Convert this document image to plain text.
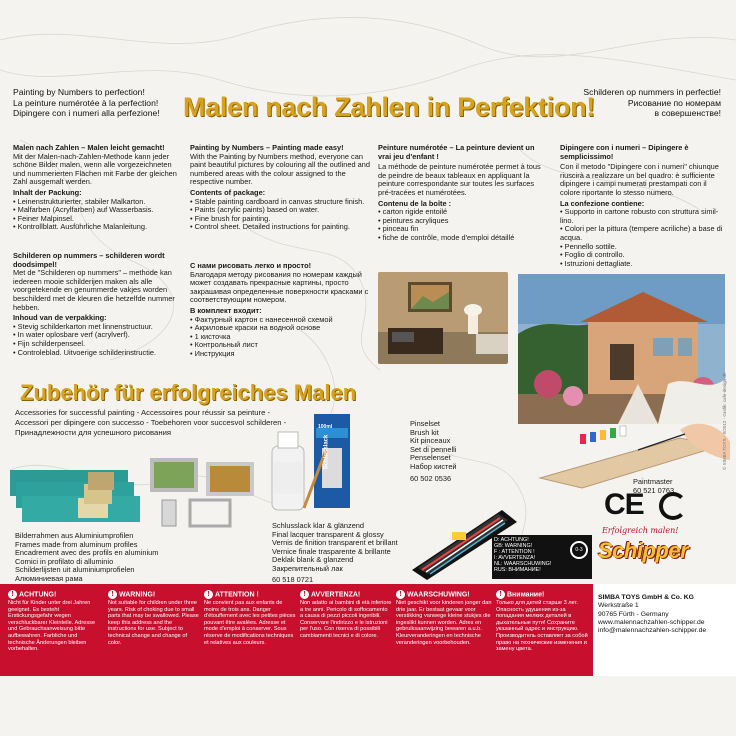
Painting by Numbers to perfection!
La peinture numérotée à la perfection!
Dipingere con i numeri alla perfezione! Malen nach Zahlen in Perfektion!
Schilderen op nummers in perfectie!
Рисование по номерам
в совершенстве!
Malen nach Zahlen – Malen leicht gemacht!
Mit der Malen-nach-Zahlen-Methode kann jeder schöne Bilder malen, wenn alle vorgezeichneten und nummerierten Flächen mit Farbe der gleichen Zahl ausgemalt werden.
Inhalt der Packung:
• Leinenstrukturierter, stabiler Malkarton.
• Malfarben (Acrylfarben) auf Wasserbasis.
• Feiner Malpinsel.
• Kontrollblatt. Ausführliche Malanleitung.
Schilderen op nummers – schilderen wordt doodsimpel!
Met de "Schilderen op nummers" – methode kan iedereen mooie schilderijen maken als alle voorgetekende en genummerde vakjes worden beschilderd met de kleuren die hetzelfde nummer hebben.
Inhoud van de verpakking:
• Stevig schilderkarton met linnenstructuur.
• In water oplosbare verf (acrylverf).
• Fijn schilderpenseel.
• Controleblad. Uitvoerige schilderinstructie.
Painting by Numbers – Painting made easy!
With the Painting by Numbers method, everyone can paint beautiful pictures by colouring all the outlined and numbered areas with the colour assigned to the respective number.
Contents of package:
• Stable painting cardboard in canvas structure finish.
• Paints (acrylic paints) based on water.
• Fine brush for painting.
• Control sheet. Detailed instructions for painting.
С нами рисовать легко и просто!
Благодаря методу рисования по номерам каждый может создавать прекрасные картины, просто закрашивая определенные поверхности красками с соответствующим номером.
В комплект входит:
• Фактурный картон с нанесенной схемой
• Акриловые краски на водной основе
• 1 кисточка
• Контрольный лист
• Инструкция
Peinture numérotée – La peinture devient un vrai jeu d'enfant !
La méthode de peinture numérotée permet à tous de peindre de beaux tableaux en appliquant la peinture correspondante sur toutes les surfaces pré-tracées et numérotées.
Contenu de la boîte :
• carton rigide entoilé
• peintures acryliques
• pinceau fin
• fiche de contrôle, mode d'emploi détaillé
Dipingere con i numeri – Dipingere è semplicissimo!
Con il metodo "Dipingere con i numeri" chiunque riuscirà a realizzare un bel quadro: è sufficiente dipingere i campi numerati prestampati con il colore riportante lo stesso numero.
La confezione contiene:
• Supporto in cartone robusto con struttura simil-lino.
• Colori per la pittura (tempere acriliche) a base di acqua.
• Pennello sottile.
• Foglio di controllo.
• Istruzioni dettagliate.
Paintmaster
60 521 0763
Zubehör für erfolgreiches Malen
Accessories for successful painting - Accessoires pour réussir sa peinture -
Accessori per dipingere con successo - Toebehoren voor succesvol schilderen -
Принадлежности для успешного рисования
Bilderrahmen aus Aluminiumprofilen
Frames made from aluminum profiles
Encadrement avec des profils en aluminium
Cornici in profilato di alluminio
Schilderlijsten uit aluminiumprofielen
Алюминиевая рама
100ml
Schlusslack
Schlusslack klar & glänzend
Final lacquer transparent & glossy
Vernis de finition transparent et brillant
Vernice finale trasparente & brillante
Deklak blank & glanzend
Закрепительный лак
60 518 0721
Pinselset
Brush kit
Kit pinceaux
Set di pennelli
Penselenset
Набор кистей
60 502 0536
CE
D: ACHTUNG!
GB: WARNING!
F : ATTENTION !
I: AVVERTENZA!
NL: WAARSCHUWING!
RUS: ВНИМАНИЕ!
0-3
Erfolgreich malen!
Schipper
! ACHTUNG!
Nicht für Kinder unter drei Jahren geeignet. Es besteht Erstickungsgefahr wegen verschluckbarer Kleinteile. Adresse und Gebrauchsanweisung bitte aufbewahren. Farbliche und technische Änderungen bleiben vorbehalten.
! WARNING!
Not suitable for children under three years. Risk of choking due to small parts that may be swallowed. Please keep this address and the instructions for use. Subject to technical change and change of color.
! ATTENTION !
Ne convient pas aux enfants de moins de trois ans. Danger d'étouffement avec les petites pièces pouvant être avalées. Adresse et mode d'emploi à conserver. Sous réserve de modifications techniques et relatives aux couleurs.
! AVVERTENZA!
Non adatto ai bambini di età inferiore a tre anni. Pericolo di soffocamento a causa di pezzi piccoli ingeribili. Conservare l'indirizzo e le istruzioni per l'uso. Con riserva di possibili cambiamenti tecnici e di colore.
! WAARSCHUWING!
Niet geschikt voor kinderen jonger dan drie jaar. Er bestaat gevaar voor verstikking vanwege kleine stukjes die ingeslikt kunnen worden. Adres en gebruiksaanwijzing bewaren a.u.b. Kleurveranderingen en technische veranderingen voorbehouden.
! Внимание!
Только для детей старше 3 лет. Опасность удушения из-за попадания мелких деталей в дыхательные пути! Сохраните указанный адрес и инструкцию. Производитель оставляет за собой право на технические изменения и замену цвета.
SIMBA TOYS GmbH & Co. KG
Werkstraße 1
90765 Fürth - Germany
www.malennachzahlen-schipper.de
info@malennachzahlen-schipper.de
© SIMBA TOYS · 9/2012 · Grafik: cafe-design.de
